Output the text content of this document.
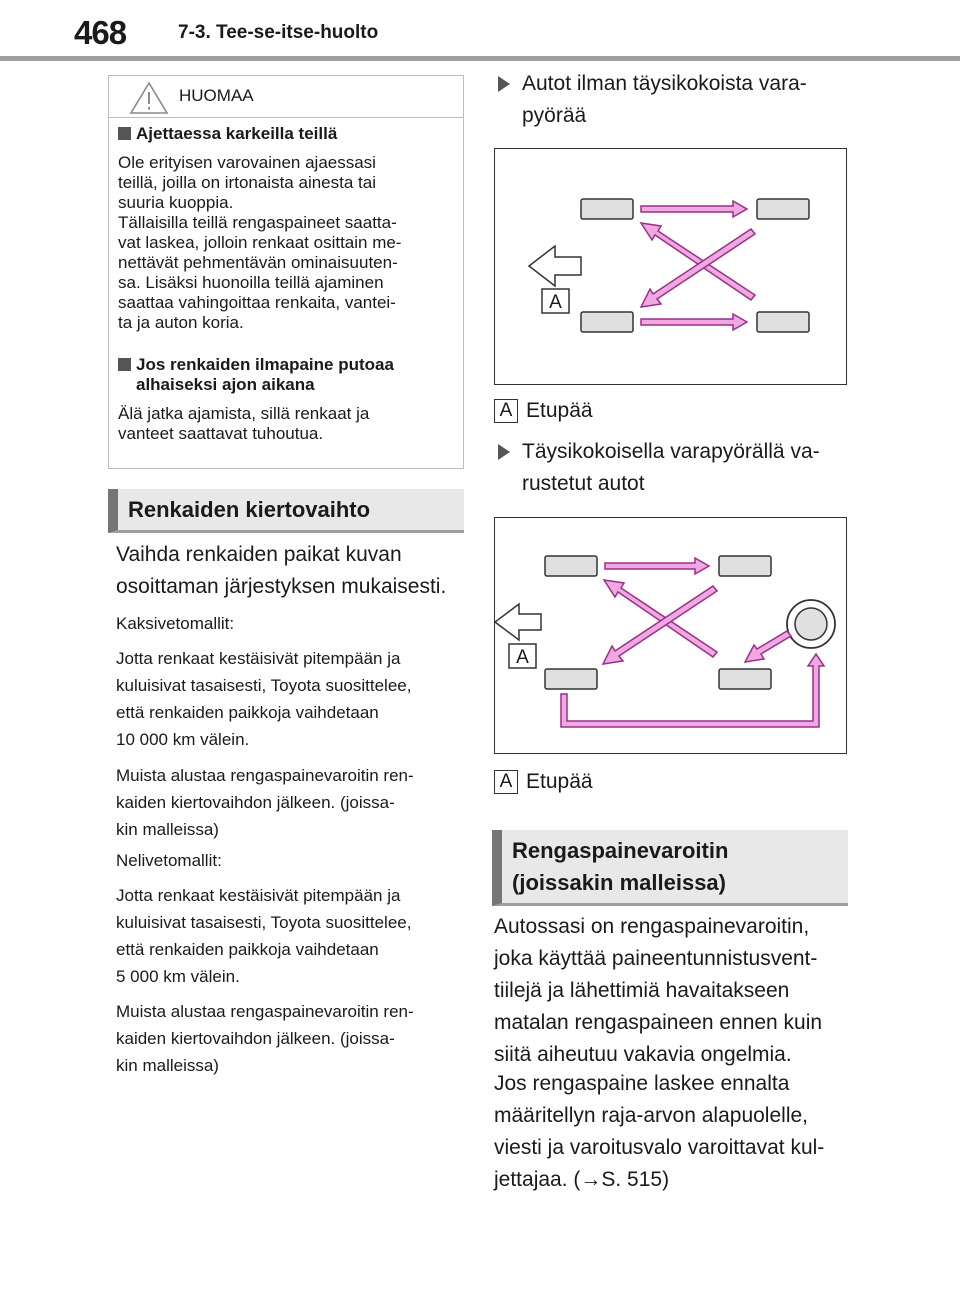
468	7-3. Tee-se-itse-huolto
HUOMAA
Ajettaessa karkeilla teillä
Ole erityisen varovainen ajaessasi
teillä, joilla on irtonaista ainesta tai
suuria kuoppia.
Tällaisilla teillä rengaspaineet saatta-
vat laskea, jolloin renkaat osittain me-
nettävät pehmentävän ominaisuuten-
sa. Lisäksi huonoilla teillä ajaminen
saattaa vahingoittaa renkaita, vantei-
ta ja auton koria.
Jos renkaiden ilmapaine putoaa
alhaiseksi ajon aikana
Älä jatka ajamista, sillä renkaat ja
vanteet saattavat tuhoutua.
Renkaiden kiertovaihto
Vaihda renkaiden paikat kuvan
osoittaman järjestyksen mukaisesti.
Kaksivetomallit:
Jotta renkaat kestäisivät pitempään ja
kuluisivat tasaisesti, Toyota suosittelee,
että renkaiden paikkoja vaihdetaan
10 000 km välein.
Muista alustaa rengaspainevaroitin ren-
kaiden kiertovaihdon jälkeen. (joissa-
kin malleissa)
Nelivetomallit:
Jotta renkaat kestäisivät pitempään ja
kuluisivat tasaisesti, Toyota suosittelee,
että renkaiden paikkoja vaihdetaan
5 000 km välein.
Muista alustaa rengaspainevaroitin ren-
kaiden kiertovaihdon jälkeen. (joissa-
kin malleissa)
Autot ilman täysikokoista vara-
pyörää
A
A Etupää
Täysikokoisella varapyörällä va-
rustetut autot
A
A Etupää
Rengaspainevaroitin
(joissakin malleissa)
Autossasi on rengaspainevaroitin,
joka käyttää paineentunnistusvent-
tiilejä ja lähettimiä havaitakseen
matalan rengaspaineen ennen kuin
siitä aiheutuu vakavia ongelmia.
Jos rengaspaine laskee ennalta
määritellyn raja-arvon alapuolelle,
viesti ja varoitusvalo varoittavat kul-
jettajaa. (→S. 515)
